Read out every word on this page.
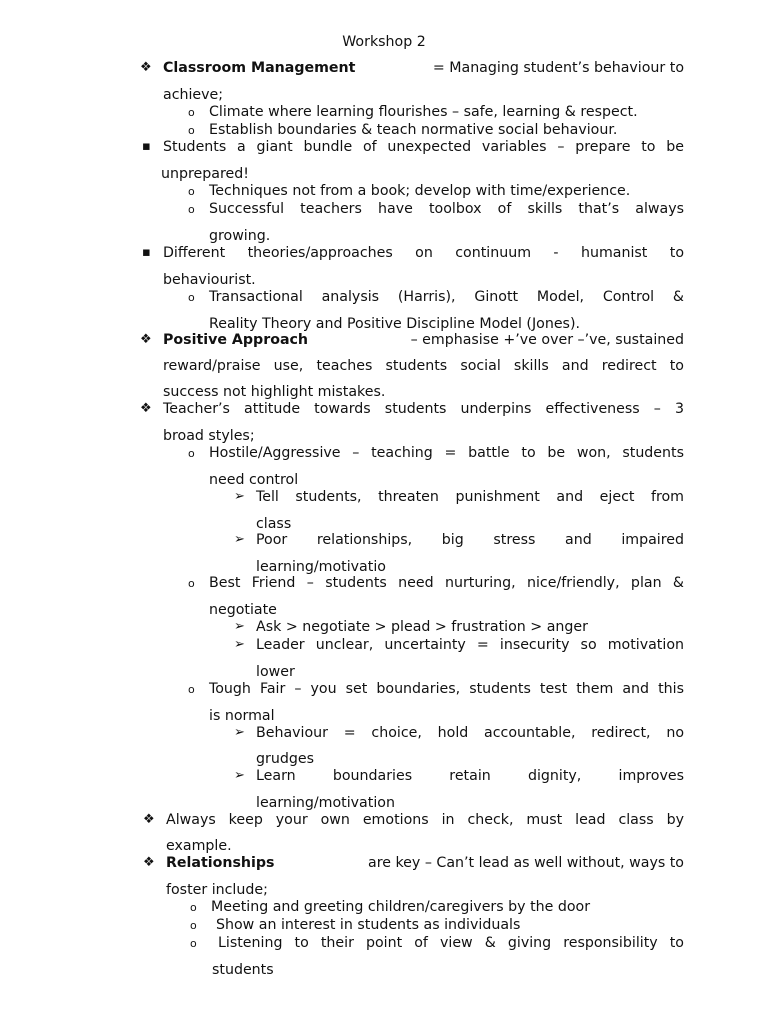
Workshop 2
❖ Classroom Management	= Managing student’s behaviour to
achieve;
o Climate where learning flourishes – safe, learning & respect.
o Establish boundaries & teach normative social behaviour.
▪ Students a giant bundle of unexpected variables – prepare to be
unprepared!
o Techniques not from a book; develop with time/experience.
o Successful teachers have toolbox of skills that’s always
growing.
▪ Different theories/approaches on continuum - humanist to
behaviourist.
o Transactional analysis (Harris), Ginott Model, Control &
Reality Theory and Positive Discipline Model (Jones).
❖ Positive Approach	– emphasise +’ve over –’ve, sustained
reward/praise use, teaches students social skills and redirect to
success not highlight mistakes.
❖ Teacher’s attitude towards students underpins effectiveness – 3
broad styles;
o Hostile/Aggressive – teaching = battle to be won, students
need control
➢ Tell students, threaten punishment and eject from
class
➢ Poor relationships, big stress and impaired
learning/motivatio
o Best Friend – students need nurturing, nice/friendly, plan &
negotiate
➢ Ask > negotiate > plead > frustration > anger
➢ Leader unclear, uncertainty = insecurity so motivation
lower
o Tough Fair – you set boundaries, students test them and this
is normal
➢ Behaviour = choice, hold accountable, redirect, no
grudges
➢ Learn boundaries retain dignity, improves
learning/motivation
❖ Always keep your own emotions in check, must lead class by
example.
❖ Relationships	are key – Can’t lead as well without, ways to
foster include;
o Meeting and greeting children/caregivers by the door
o Show an interest in students as individuals
o Listening to their point of view & giving responsibility to
students
